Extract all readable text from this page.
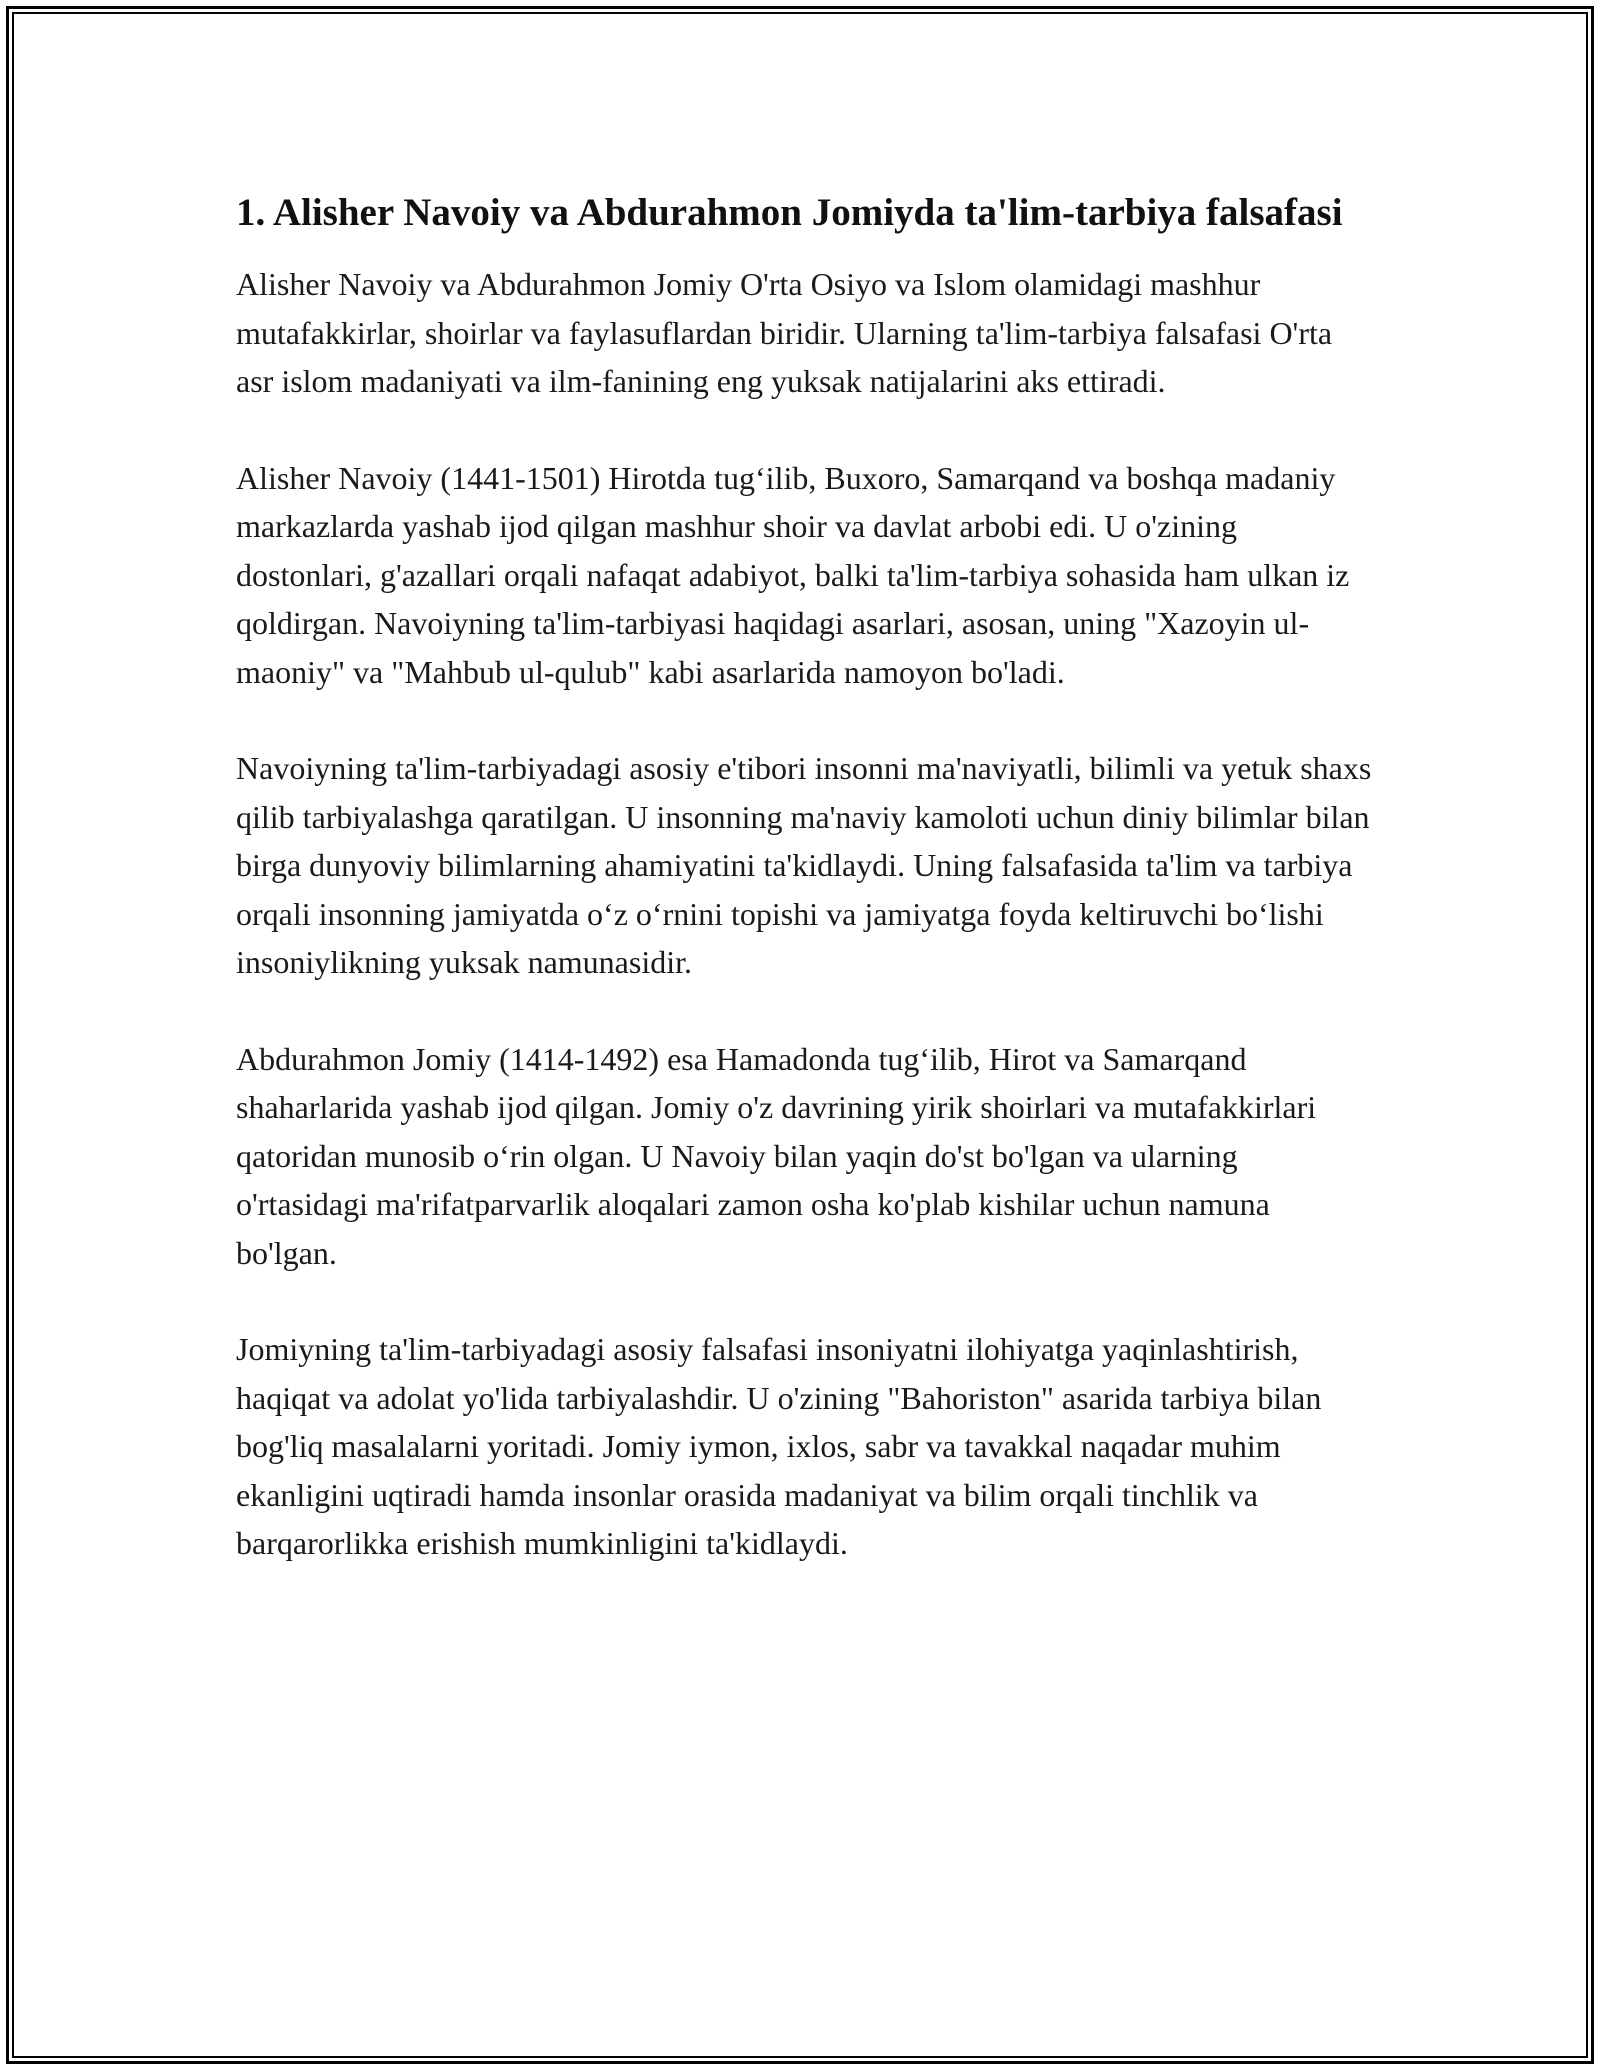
1. Alisher Navoiy va Abdurahmon Jomiyda ta'lim-tarbiya falsafasi

Alisher Navoiy va Abdurahmon Jomiy O'rta Osiyo va Islom olamidagi mashhur mutafakkirlar, shoirlar va faylasuflardan biridir. Ularning ta'lim-tarbiya falsafasi O'rta asr islom madaniyati va ilm-fanining eng yuksak natijalarini aks ettiradi.

Alisher Navoiy (1441-1501) Hirotda tug‘ilib, Buxoro, Samarqand va boshqa madaniy markazlarda yashab ijod qilgan mashhur shoir va davlat arbobi edi. U o'zining dostonlari, g'azallari orqali nafaqat adabiyot, balki ta'lim-tarbiya sohasida ham ulkan iz qoldirgan. Navoiyning ta'lim-tarbiyasi haqidagi asarlari, asosan, uning "Xazoyin ul-maoniy" va "Mahbub ul-qulub" kabi asarlarida namoyon bo'ladi.

Navoiyning ta'lim-tarbiyadagi asosiy e'tibori insonni ma'naviyatli, bilimli va yetuk shaxs qilib tarbiyalashga qaratilgan. U insonning ma'naviy kamoloti uchun diniy bilimlar bilan birga dunyoviy bilimlarning ahamiyatini ta'kidlaydi. Uning falsafasida ta'lim va tarbiya orqali insonning jamiyatda o‘z o‘rnini topishi va jamiyatga foyda keltiruvchi bo‘lishi insoniylikning yuksak namunasidir.

Abdurahmon Jomiy (1414-1492) esa Hamadonda tug‘ilib, Hirot va Samarqand shaharlarida yashab ijod qilgan. Jomiy o'z davrining yirik shoirlari va mutafakkirlari qatoridan munosib o‘rin olgan. U Navoiy bilan yaqin do'st bo'lgan va ularning o'rtasidagi ma'rifatparvarlik aloqalari zamon osha ko'plab kishilar uchun namuna bo'lgan.

Jomiyning ta'lim-tarbiyadagi asosiy falsafasi insoniyatni ilohiyatga yaqinlashtirish, haqiqat va adolat yo'lida tarbiyalashdir. U o'zining "Bahoriston" asarida tarbiya bilan bog'liq masalalarni yoritadi. Jomiy iymon, ixlos, sabr va tavakkal naqadar muhim ekanligini uqtiradi hamda insonlar orasida madaniyat va bilim orqali tinchlik va barqarorlikka erishish mumkinligini ta'kidlaydi.
